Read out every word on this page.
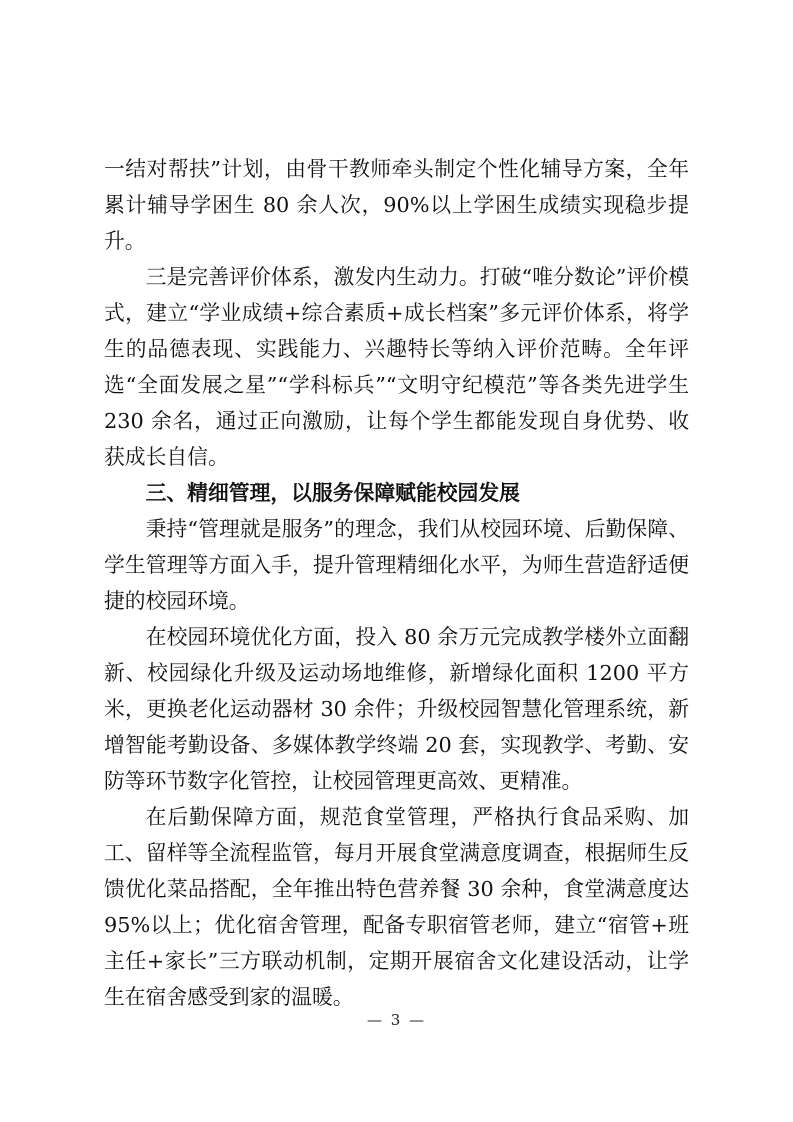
一结对帮扶”计划，由骨干教师牵头制定个性化辅导方案，全年累计辅导学困生 80 余人次，90%以上学困生成绩实现稳步提升。

三是完善评价体系，激发内生动力。打破“唯分数论”评价模式，建立“学业成绩+综合素质+成长档案”多元评价体系，将学生的品德表现、实践能力、兴趣特长等纳入评价范畴。全年评选“全面发展之星”“学科标兵”“文明守纪模范”等各类先进学生 230 余名，通过正向激励，让每个学生都能发现自身优势、收获成长自信。

三、精细管理，以服务保障赋能校园发展

秉持“管理就是服务”的理念，我们从校园环境、后勤保障、学生管理等方面入手，提升管理精细化水平，为师生营造舒适便捷的校园环境。

在校园环境优化方面，投入 80 余万元完成教学楼外立面翻新、校园绿化升级及运动场地维修，新增绿化面积 1200 平方米，更换老化运动器材 30 余件；升级校园智慧化管理系统，新增智能考勤设备、多媒体教学终端 20 套，实现教学、考勤、安防等环节数字化管控，让校园管理更高效、更精准。

在后勤保障方面，规范食堂管理，严格执行食品采购、加工、留样等全流程监管，每月开展食堂满意度调查，根据师生反馈优化菜品搭配，全年推出特色营养餐 30 余种，食堂满意度达 95%以上；优化宿舍管理，配备专职宿管老师，建立“宿管+班主任+家长”三方联动机制，定期开展宿舍文化建设活动，让学生在宿舍感受到家的温暖。

— 3 —
